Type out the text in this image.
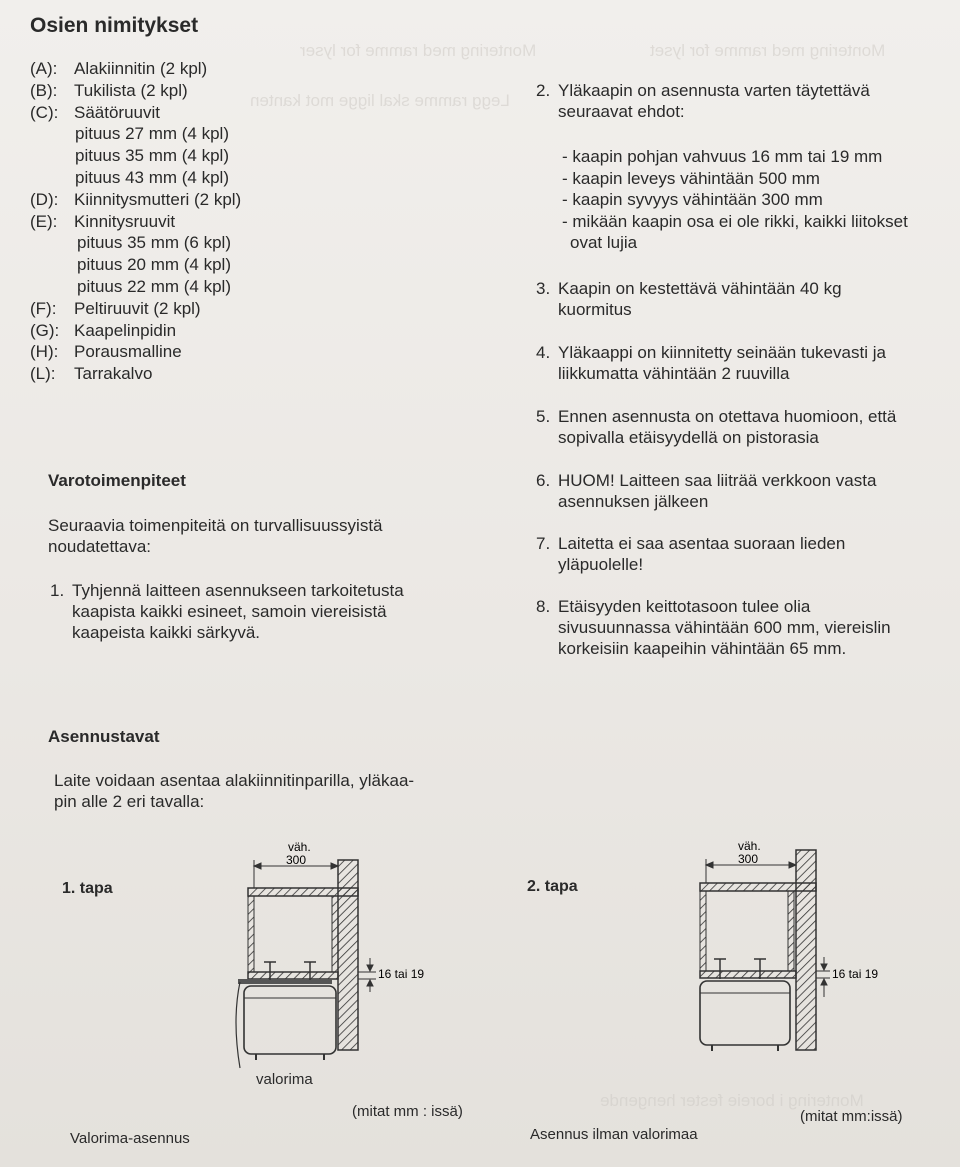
Montering med ramme for lyser	Montering med ramme for lyset
Legg ramme skal ligge mot kanten
Montering i boreie fester hengende
Osien nimitykset
(A): Alakiinnitin (2 kpl)
(B): Tukilista (2 kpl)
(C): Säätöruuvit
pituus 27 mm (4 kpl)
pituus 35 mm (4 kpl)
pituus 43 mm (4 kpl)
(D): Kiinnitysmutteri (2 kpl)
(E): Kinnitysruuvit
pituus 35 mm (6 kpl)
pituus 20 mm (4 kpl)
pituus 22 mm (4 kpl)
(F):	Peltiruuvit (2 kpl)
(G): Kaapelinpidin
(H): Porausmalline
(L):	Tarrakalvo
Varotoimenpiteet
Seuraavia toimenpiteitä on turvallisuussyistä
noudatettava:
1. Tyhjennä laitteen asennukseen tarkoitetusta
kaapista kaikki esineet, samoin viereisistä
kaapeista kaikki särkyvä.
Asennustavat
Laite voidaan asentaa alakiinnitinparilla, yläkaa-
pin alle 2 eri tavalla:
2. Yläkaapin on asennusta varten täytettävä
seuraavat ehdot:
3. Kaapin on kestettävä vähintään 40 kg
kuormitus
4. Yläkaappi on kiinnitetty seinään tukevasti ja
liikkumatta vähintään 2 ruuvilla
5. Ennen asennusta on otettava huomioon, että
sopivalla etäisyydellä on pistorasia
6. HUOM! Laitteen saa liiträä verkkoon vasta
asennuksen jälkeen
7. Laitetta ei saa asentaa suoraan lieden
yläpuolelle!
8. Etäisyyden keittotasoon tulee olia
sivusuunnassa vähintään 600 mm, viereislin
korkeisiin kaapeihin vähintään 65 mm.
- kaapin pohjan vahvuus 16 mm tai 19 mm
- kaapin leveys vähintään 500 mm
- kaapin syvyys vähintään 300 mm
- mikään kaapin osa ei ole rikki, kaikki liitokset
ovat lujia
1. tapa
väh.
300
16 tai 19
valorima
(mitat mm : issä)
Valorima-asennus
2. tapa
väh.
300
16 tai 19
(mitat mm:issä)
Asennus ilman valorimaa
